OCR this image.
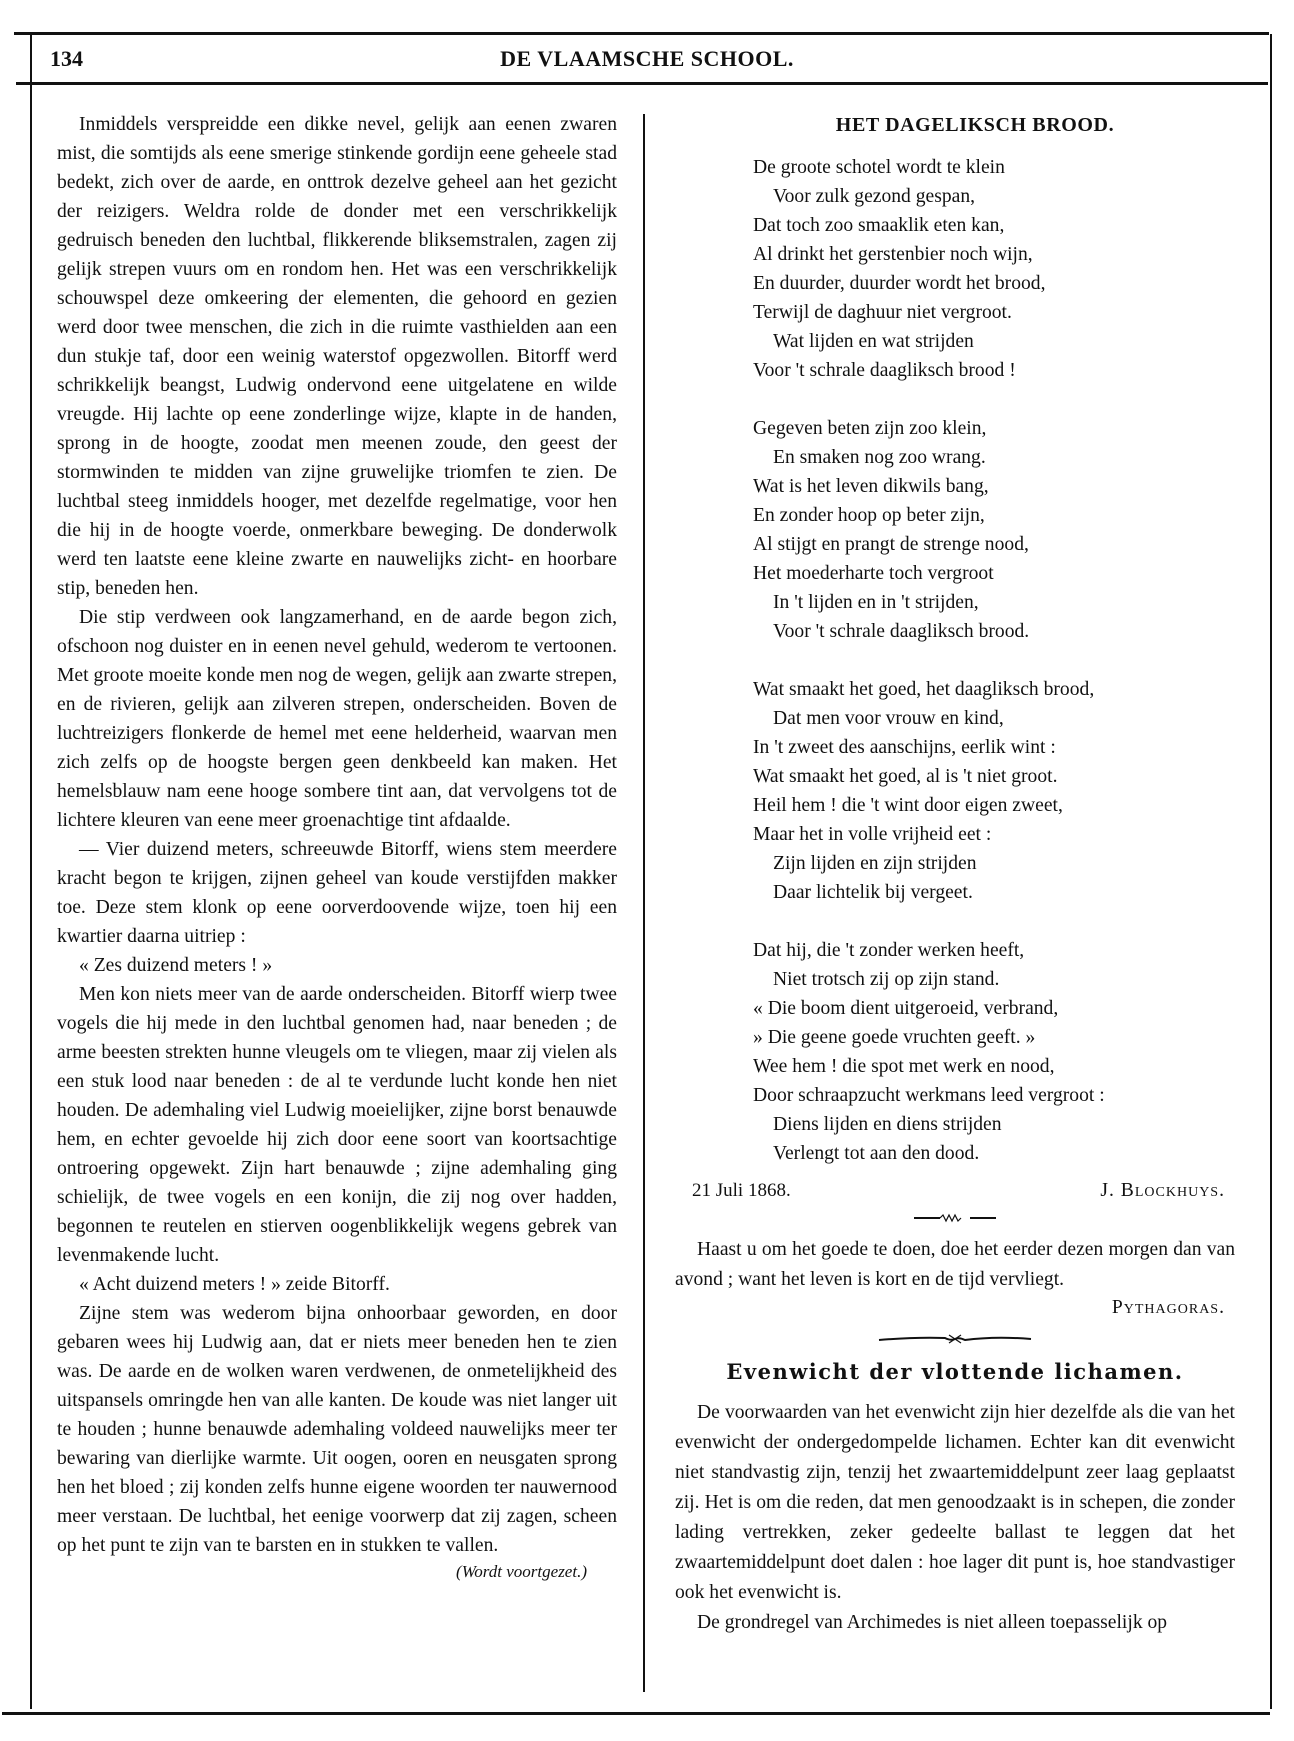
134	DE VLAAMSCHE SCHOOL.

Inmiddels verspreidde een dikke nevel, gelijk aan eenen zwaren mist, die somtijds als eene smerige stinkende gordijn eene geheele stad bedekt, zich over de aarde, en onttrok dezelve geheel aan het gezicht der reizigers. Weldra rolde de donder met een verschrikkelijk gedruisch beneden den luchtbal, flikkerende bliksemstralen, zagen zij gelijk strepen vuurs om en rondom hen. Het was een verschrikkelijk schouwspel deze omkeering der elementen, die gehoord en gezien werd door twee menschen, die zich in die ruimte vasthielden aan een dun stukje taf, door een weinig waterstof opgezwollen. Bitorff werd schrikkelijk beangst, Ludwig ondervond eene uitgelatene en wilde vreugde. Hij lachte op eene zonderlinge wijze, klapte in de handen, sprong in de hoogte, zoodat men meenen zoude, den geest der stormwinden te midden van zijne gruwelijke triomfen te zien. De luchtbal steeg inmiddels hooger, met dezelfde regelmatige, voor hen die hij in de hoogte voerde, onmerkbare beweging. De donderwolk werd ten laatste eene kleine zwarte en nauwelijks zicht- en hoorbare stip, beneden hen.

Die stip verdween ook langzamerhand, en de aarde begon zich, ofschoon nog duister en in eenen nevel gehuld, wederom te vertoonen. Met groote moeite konde men nog de wegen, gelijk aan zwarte strepen, en de rivieren, gelijk aan zilveren strepen, onderscheiden. Boven de luchtreizigers flonkerde de hemel met eene helderheid, waarvan men zich zelfs op de hoogste bergen geen denkbeeld kan maken. Het hemelsblauw nam eene hooge sombere tint aan, dat vervolgens tot de lichtere kleuren van eene meer groenachtige tint afdaalde.

— Vier duizend meters, schreeuwde Bitorff, wiens stem meerdere kracht begon te krijgen, zijnen geheel van koude verstijfden makker toe. Deze stem klonk op eene oorverdoovende wijze, toen hij een kwartier daarna uitriep :

« Zes duizend meters ! »

Men kon niets meer van de aarde onderscheiden. Bitorff wierp twee vogels die hij mede in den luchtbal genomen had, naar beneden ; de arme beesten strekten hunne vleugels om te vliegen, maar zij vielen als een stuk lood naar beneden : de al te verdunde lucht konde hen niet houden. De ademhaling viel Ludwig moeielijker, zijne borst benauwde hem, en echter gevoelde hij zich door eene soort van koortsachtige ontroering opgewekt. Zijn hart benauwde ; zijne ademhaling ging schielijk, de twee vogels en een konijn, die zij nog over hadden, begonnen te reutelen en stierven oogenblikkelijk wegens gebrek van levenmakende lucht.

« Acht duizend meters ! » zeide Bitorff.

Zijne stem was wederom bijna onhoorbaar geworden, en door gebaren wees hij Ludwig aan, dat er niets meer beneden hen te zien was. De aarde en de wolken waren verdwenen, de onmetelijkheid des uitspansels omringde hen van alle kanten. De koude was niet langer uit te houden ; hunne benauwde ademhaling voldeed nauwelijks meer ter bewaring van dierlijke warmte. Uit oogen, ooren en neusgaten sprong hen het bloed ; zij konden zelfs hunne eigene woorden ter nauwernood meer verstaan. De luchtbal, het eenige voorwerp dat zij zagen, scheen op het punt te zijn van te barsten en in stukken te vallen.

(Wordt voortgezet.)
HET DAGELIKSCH BROOD.
De groote schotel wordt te klein
Voor zulk gezond gespan,
Dat toch zoo smaaklik eten kan,
Al drinkt het gerstenbier noch wijn,
En duurder, duurder wordt het brood,
Terwijl de daghuur niet vergroot.
Wat lijden en wat strijden
Voor 't schrale daagliksch brood !
Gegeven beten zijn zoo klein,
En smaken nog zoo wrang.
Wat is het leven dikwils bang,
En zonder hoop op beter zijn,
Al stijgt en prangt de strenge nood,
Het moederharte toch vergroot
In 't lijden en in 't strijden,
Voor 't schrale daagliksch brood.
Wat smaakt het goed, het daagliksch brood,
Dat men voor vrouw en kind,
In 't zweet des aanschijns, eerlik wint :
Wat smaakt het goed, al is 't niet groot.
Heil hem ! die 't wint door eigen zweet,
Maar het in volle vrijheid eet :
Zijn lijden en zijn strijden
Daar lichtelik bij vergeet.
Dat hij, die 't zonder werken heeft,
Niet trotsch zij op zijn stand.
« Die boom dient uitgeroeid, verbrand,
» Die geene goede vruchten geeft. »
Wee hem ! die spot met werk en nood,
Door schraapzucht werkmans leed vergroot :
Diens lijden en diens strijden
Verlengt tot aan den dood.
21 Juli 1868.	J. Blockhuys.
Haast u om het goede te doen, doe het eerder dezen morgen dan van avond ; want het leven is kort en de tijd vervliegt.
Pythagoras.
Evenwicht der vlottende lichamen.

De voorwaarden van het evenwicht zijn hier dezelfde als die van het evenwicht der ondergedompelde lichamen. Echter kan dit evenwicht niet standvastig zijn, tenzij het zwaartemiddelpunt zeer laag geplaatst zij. Het is om die reden, dat men genoodzaakt is in schepen, die zonder lading vertrekken, zeker gedeelte ballast te leggen dat het zwaartemiddelpunt doet dalen : hoe lager dit punt is, hoe standvastiger ook het evenwicht is.

De grondregel van Archimedes is niet alleen toepasselijk op
